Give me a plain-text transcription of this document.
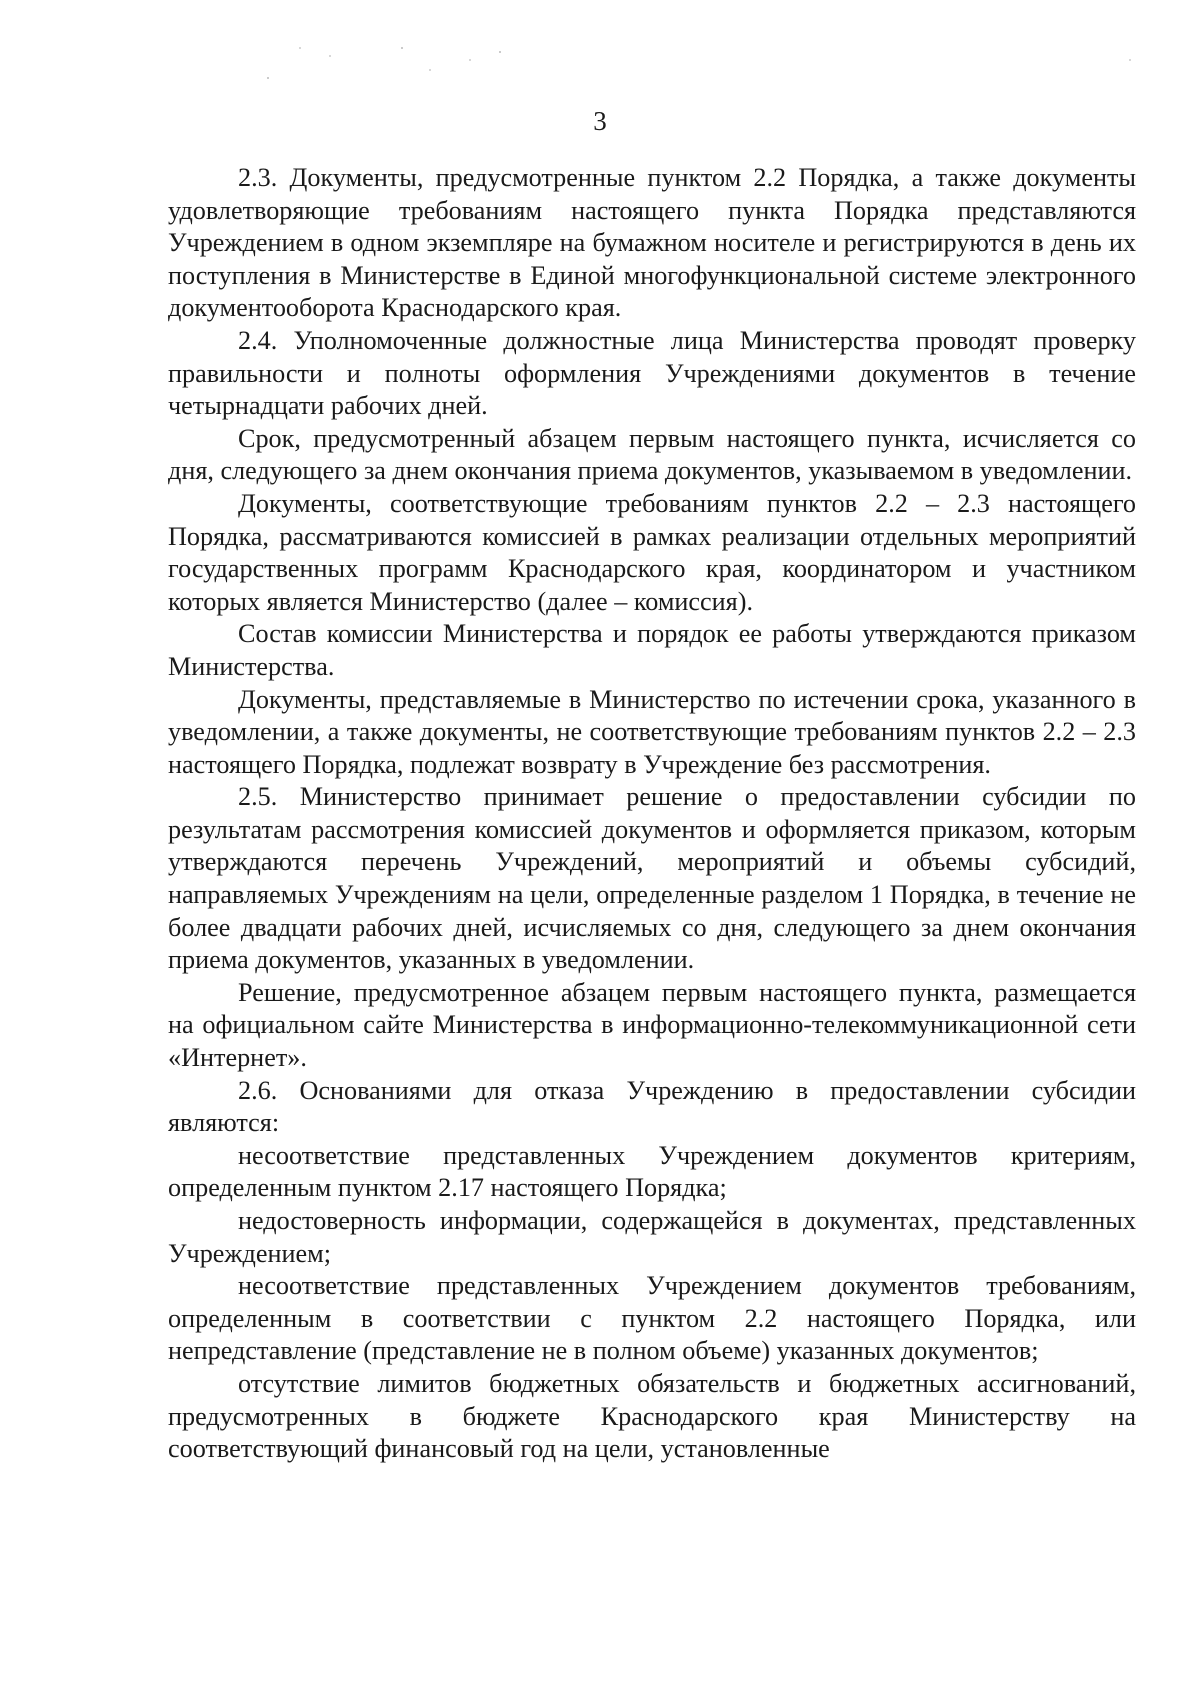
3

2.3. Документы, предусмотренные пунктом 2.2 Порядка, а также документы удовлетворяющие требованиям настоящего пункта Порядка представляются Учреждением в одном экземпляре на бумажном носителе и регистрируются в день их поступления в Министерстве в Единой многофункциональной системе электронного документооборота Краснодарского края.

2.4. Уполномоченные должностные лица Министерства проводят проверку правильности и полноты оформления Учреждениями документов в течение четырнадцати рабочих дней.

Срок, предусмотренный абзацем первым настоящего пункта, исчисляется со дня, следующего за днем окончания приема документов, указываемом в уведомлении.

Документы, соответствующие требованиям пунктов 2.2 – 2.3 настоящего Порядка, рассматриваются комиссией в рамках реализации отдельных мероприятий государственных программ Краснодарского края, координатором и участником которых является Министерство (далее – комиссия).

Состав комиссии Министерства и порядок ее работы утверждаются приказом Министерства.

Документы, представляемые в Министерство по истечении срока, указанного в уведомлении, а также документы, не соответствующие требованиям пунктов 2.2 – 2.3 настоящего Порядка, подлежат возврату в Учреждение без рассмотрения.

2.5. Министерство принимает решение о предоставлении субсидии по результатам рассмотрения комиссией документов и оформляется приказом, которым утверждаются перечень Учреждений, мероприятий и объемы субсидий, направляемых Учреждениям на цели, определенные разделом 1 Порядка, в течение не более двадцати рабочих дней, исчисляемых со дня, следующего за днем окончания приема документов, указанных в уведомлении.

Решение, предусмотренное абзацем первым настоящего пункта, размещается на официальном сайте Министерства в информационно-телекоммуникационной сети «Интернет».

2.6. Основаниями для отказа Учреждению в предоставлении субсидии являются:

несоответствие представленных Учреждением документов критериям, определенным пунктом 2.17 настоящего Порядка;

недостоверность информации, содержащейся в документах, представленных Учреждением;

несоответствие представленных Учреждением документов требованиям, определенным в соответствии с пунктом 2.2 настоящего Порядка, или непредставление (представление не в полном объеме) указанных документов;

отсутствие лимитов бюджетных обязательств и бюджетных ассигнований, предусмотренных в бюджете Краснодарского края Министерству на соответствующий финансовый год на цели, установленные
